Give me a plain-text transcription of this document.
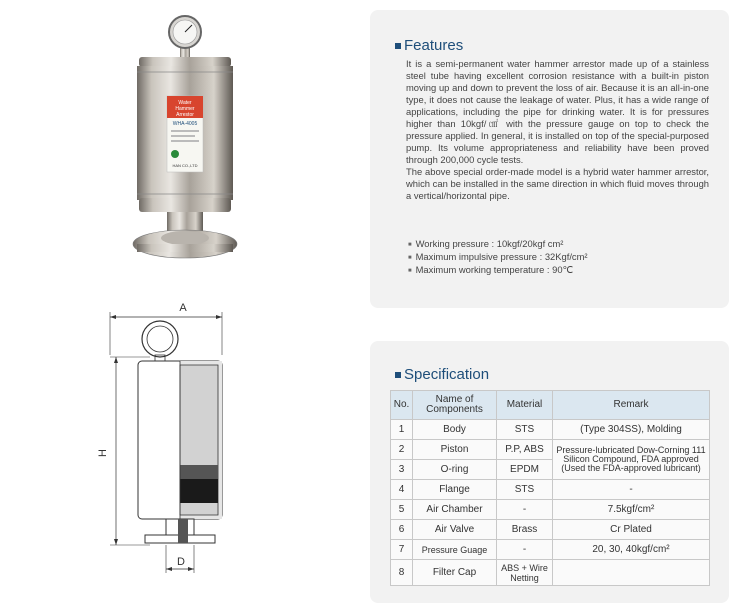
Water
Hammer
Arrestor
WHA-4005
HAN CO.,LTD
A
H
D
Features

It is a semi-permanent water hammer arrestor made up of a stainless steel tube having excellent corrosion resistance with a built-in piston moving up and down to prevent the loss of air. Because it is an all-in-one type, it does not cause the leakage of water. Plus, it has a wide range of applications, including the pipe for drinking water. It is for pressures higher than 10kgf/㎠ with the pressure gauge on top to check the pressure applied. In general, it is installed on top of the special-purposed pump. Its volume appropriateness and reliability have been proved through 200,000 cycle tests.

The above special order-made model is a hybrid water hammer arrestor, which can be installed in the same direction in which fluid moves through a vertical/horizontal pipe.

■ Working pressure : 10kgf/20kgf cm²
■ Maximum impulsive pressure : 32Kgf/cm²
■ Maximum working temperature : 90℃
Specification
No.	Name of Components	Material	Remark
1	Body	STS	(Type 304SS), Molding
2	Piston	P.P, ABS	Pressure-lubricated Dow-Corning 111 Silicon Compound, FDA approved (Used the FDA-approved lubricant)
3	O-ring	EPDM	
4	Flange	STS	-
5	Air Chamber	-	7.5kgf/cm²
6	Air Valve	Brass	Cr Plated
7	Pressure Guage	-	20, 30, 40kgf/cm²
8	Filter Cap	ABS + Wire Netting	
